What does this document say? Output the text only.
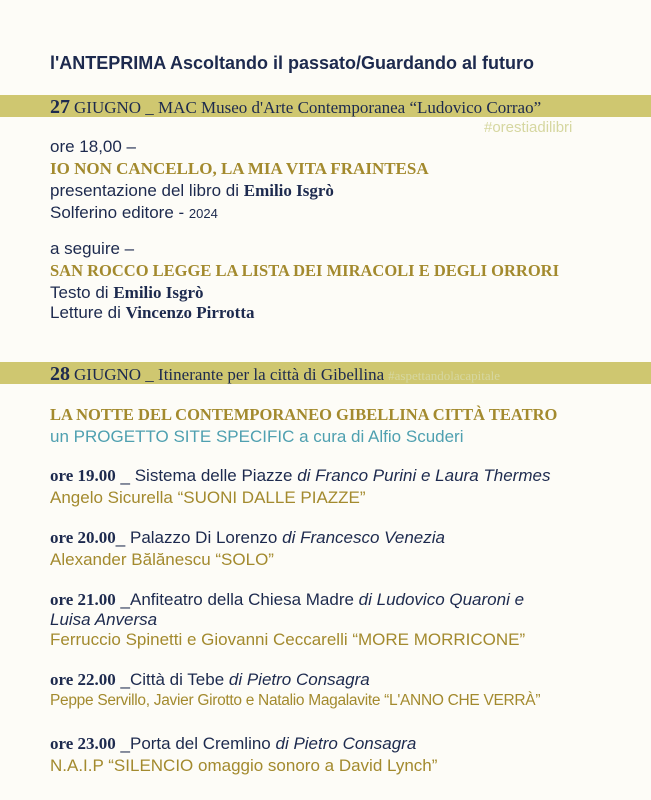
l'ANTEPRIMA Ascoltando il passato/Guardando al futuro
27 GIUGNO _ MAC Museo d'Arte Contemporanea “Ludovico Corrao”
#orestiadilibri
ore 18,00 –
IO NON CANCELLO, LA MIA VITA FRAINTESA
presentazione del libro di Emilio Isgrò
Solferino editore - 2024
a seguire –
SAN ROCCO LEGGE LA LISTA DEI MIRACOLI E DEGLI ORRORI
Testo di Emilio Isgrò
Letture di Vincenzo Pirrotta
28 GIUGNO _ Itinerante per la città di Gibellina #aspettandolacapitale
LA NOTTE DEL CONTEMPORANEO GIBELLINA CITTÀ TEATRO
un PROGETTO SITE SPECIFIC a cura di Alfio Scuderi
ore 19.00 _ Sistema delle Piazze di Franco Purini e Laura Thermes
Angelo Sicurella “SUONI DALLE PIAZZE”
ore 20.00_ Palazzo Di Lorenzo di Francesco Venezia
Alexander Bălănescu “SOLO”
ore 21.00 _Anfiteatro della Chiesa Madre di Ludovico Quaroni e
Luisa Anversa
Ferruccio Spinetti e Giovanni Ceccarelli “MORE MORRICONE”
ore 22.00 _Città di Tebe di Pietro Consagra
Peppe Servillo, Javier Girotto e Natalio Magalavite “L'ANNO CHE VERRÀ”
ore 23.00 _Porta del Cremlino di Pietro Consagra
N.A.I.P “SILENCIO omaggio sonoro a David Lynch”
